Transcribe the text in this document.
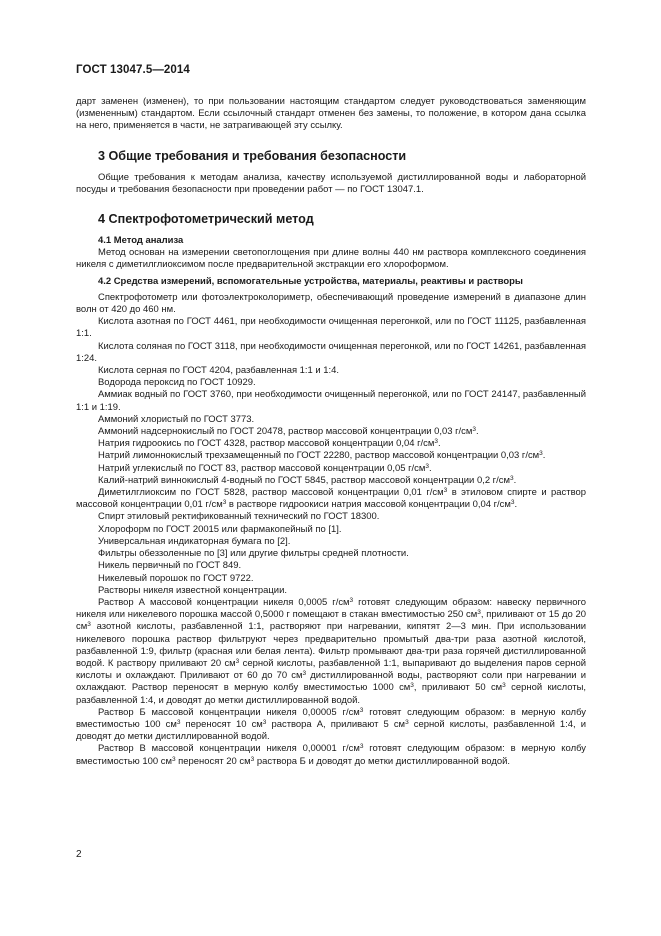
ГОСТ 13047.5—2014

дарт заменен (изменен), то при пользовании настоящим стандартом следует руководствоваться заменяющим (измененным) стандартом. Если ссылочный стандарт отменен без замены, то положение, в котором дана ссылка на него, применяется в части, не затрагивающей эту ссылку.

3 Общие требования и требования безопасности

Общие требования к методам анализа, качеству используемой дистиллированной воды и лабораторной посуды и требования безопасности при проведении работ — по ГОСТ 13047.1.

4 Спектрофотометрический метод

4.1 Метод анализа

Метод основан на измерении светопоглощения при длине волны 440 нм раствора комплексного соединения никеля с диметилглиоксимом после предварительной экстракции его хлороформом.

4.2 Средства измерений, вспомогательные устройства, материалы, реактивы и растворы

Спектрофотометр или фотоэлектроколориметр, обеспечивающий проведение измерений в диапазоне длин волн от 420 до 460 нм.

Кислота азотная по ГОСТ 4461, при необходимости очищенная перегонкой, или по ГОСТ 11125, разбавленная 1:1.

Кислота соляная по ГОСТ 3118, при необходимости очищенная перегонкой, или по ГОСТ 14261, разбавленная 1:24.

Кислота серная по ГОСТ 4204, разбавленная 1:1 и 1:4.

Водорода пероксид по ГОСТ 10929.

Аммиак водный по ГОСТ 3760, при необходимости очищенный перегонкой, или по ГОСТ 24147, разбавленный 1:1 и 1:19.

Аммоний хлористый по ГОСТ 3773.

Аммоний надсернокислый по ГОСТ 20478, раствор массовой концентрации 0,03 $г/см^3$.

Натрия гидроокись по ГОСТ 4328, раствор массовой концентрации 0,04 $г/см^3$.

Натрий лимоннокислый трехзамещенный по ГОСТ 22280, раствор массовой концентрации 0,03 $г/см^3$.

Натрий углекислый по ГОСТ 83, раствор массовой концентрации 0,05 $г/см^3$.

Калий-натрий виннокислый 4-водный по ГОСТ 5845, раствор массовой концентрации 0,2 $г/см^3$.

Диметилглиоксим по ГОСТ 5828, раствор массовой концентрации 0,01 $г/см^3$ в этиловом спирте и раствор массовой концентрации 0,01 $г/см^3$ в растворе гидроокиси натрия массовой концентрации 0,04 $г/см^3$.

Спирт этиловый ректификованный технический по ГОСТ 18300.

Хлороформ по ГОСТ 20015 или фармакопейный по [1].

Универсальная индикаторная бумага по [2].

Фильтры обеззоленные по [3] или другие фильтры средней плотности.

Никель первичный по ГОСТ 849.

Никелевый порошок по ГОСТ 9722.

Растворы никеля известной концентрации.

Раствор А массовой концентрации никеля 0,0005 $г/см^3$ готовят следующим образом: навеску первичного никеля или никелевого порошка массой 0,5000 г помещают в стакан вместимостью 250 $см^3$, приливают от 15 до 20 $см^3$ азотной кислоты, разбавленной 1:1, растворяют при нагревании, кипятят 2—3 мин. При использовании никелевого порошка раствор фильтруют через предварительно промытый два-три раза азотной кислотой, разбавленной 1:9, фильтр (красная или белая лента). Фильтр промывают два-три раза горячей дистиллированной водой. К раствору приливают 20 $см^3$ серной кислоты, разбавленной 1:1, выпаривают до выделения паров серной кислоты и охлаждают. Приливают от 60 до 70 $см^3$ дистиллированной воды, растворяют соли при нагревании и охлаждают. Раствор переносят в мерную колбу вместимостью 1000 $см^3$, приливают 50 $см^3$ серной кислоты, разбавленной 1:4, и доводят до метки дистиллированной водой.

Раствор Б массовой концентрации никеля 0,00005 $г/см^3$ готовят следующим образом: в мерную колбу вместимостью 100 $см^3$ переносят 10 $см^3$ раствора А, приливают 5 $см^3$ серной кислоты, разбавленной 1:4, и доводят до метки дистиллированной водой.

Раствор В массовой концентрации никеля 0,00001 $г/см^3$ готовят следующим образом: в мерную колбу вместимостью 100 $см^3$ переносят 20 $см^3$ раствора Б и доводят до метки дистиллированной водой.

2
